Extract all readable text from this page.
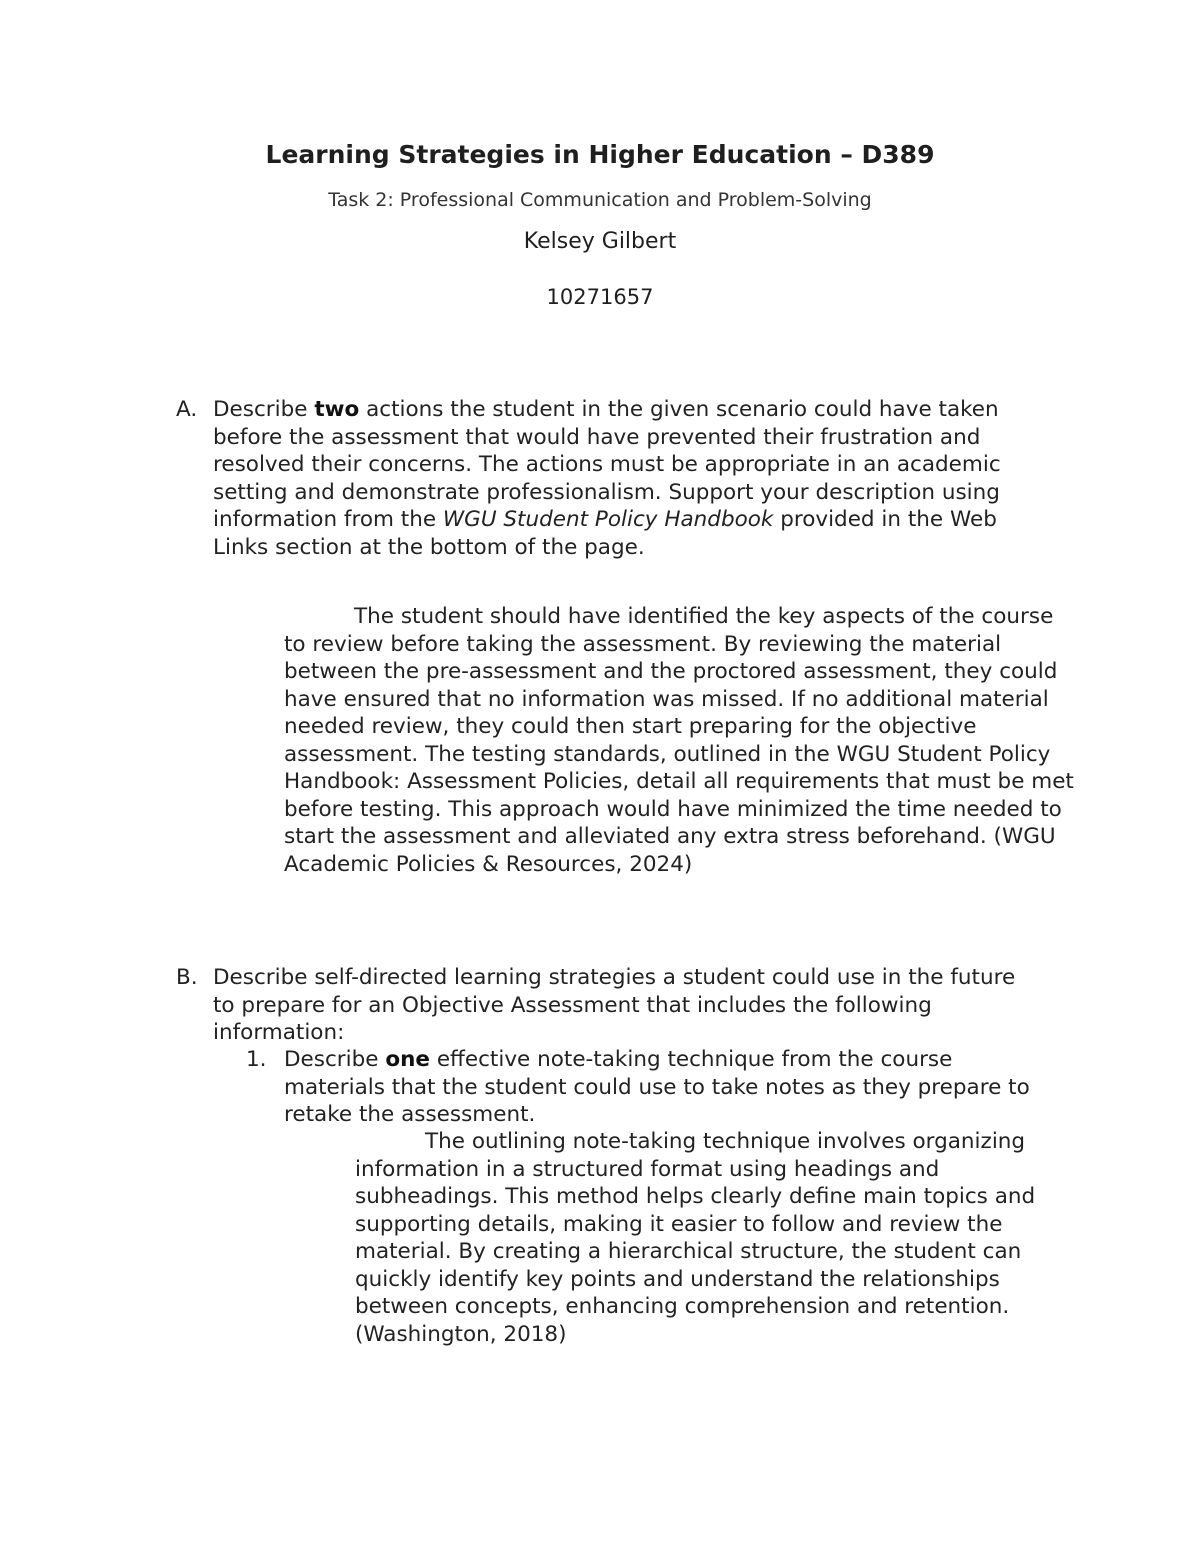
Learning Strategies in Higher Education – D389
Task 2: Professional Communication and Problem-Solving
Kelsey Gilbert
10271657
A. Describe two actions the student in the given scenario could have taken before the assessment that would have prevented their frustration and resolved their concerns. The actions must be appropriate in an academic setting and demonstrate professionalism. Support your description using information from the WGU Student Policy Handbook provided in the Web Links section at the bottom of the page.
The student should have identified the key aspects of the course to review before taking the assessment. By reviewing the material between the pre-assessment and the proctored assessment, they could have ensured that no information was missed. If no additional material needed review, they could then start preparing for the objective assessment. The testing standards, outlined in the WGU Student Policy Handbook: Assessment Policies, detail all requirements that must be met before testing. This approach would have minimized the time needed to start the assessment and alleviated any extra stress beforehand. (WGU Academic Policies & Resources, 2024)
B. Describe self-directed learning strategies a student could use in the future to prepare for an Objective Assessment that includes the following information:
1. Describe one effective note-taking technique from the course materials that the student could use to take notes as they prepare to retake the assessment.
The outlining note-taking technique involves organizing information in a structured format using headings and subheadings. This method helps clearly define main topics and supporting details, making it easier to follow and review the material. By creating a hierarchical structure, the student can quickly identify key points and understand the relationships between concepts, enhancing comprehension and retention.(Washington, 2018)
